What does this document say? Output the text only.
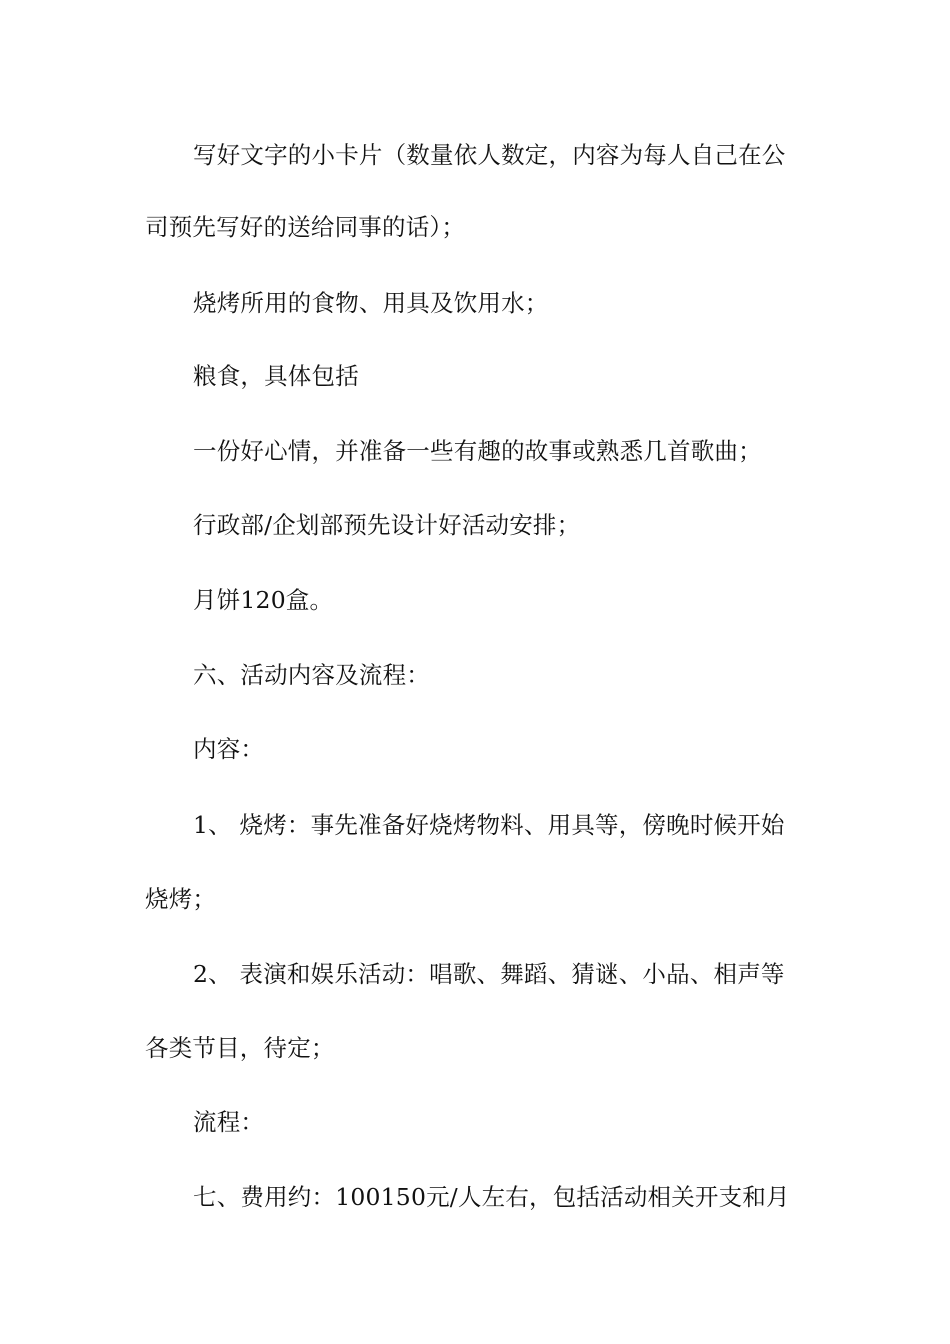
写好文字的小卡片（数量依人数定，内容为每人自己在公
司预先写好的送给同事的话）；
烧烤所用的食物、用具及饮用水；
粮食，具体包括
一份好心情，并准备一些有趣的故事或熟悉几首歌曲；
行政部/企划部预先设计好活动安排；
月饼120盒。
六、活动内容及流程：
内容：
1、 烧烤：事先准备好烧烤物料、用具等，傍晚时候开始
烧烤；
2、 表演和娱乐活动：唱歌、舞蹈、猜谜、小品、相声等
各类节目，待定；
流程：
七、费用约：100150元/人左右，包括活动相关开支和月
